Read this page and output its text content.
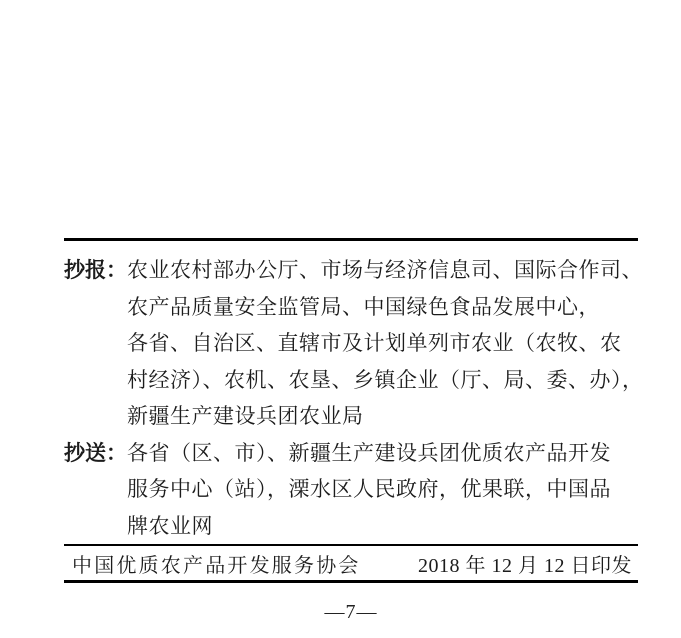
抄报：农业农村部办公厅、市场与经济信息司、国际合作司、
农产品质量安全监管局、中国绿色食品发展中心，
各省、自治区、直辖市及计划单列市农业（农牧、农
村经济）、农机、农垦、乡镇企业（厅、局、委、办），
新疆生产建设兵团农业局
抄送：各省（区、市）、新疆生产建设兵团优质农产品开发
服务中心（站），溧水区人民政府，优果联，中国品
牌农业网
中国优质农产品开发服务协会	2018 年 12 月 12 日印发
—7—
